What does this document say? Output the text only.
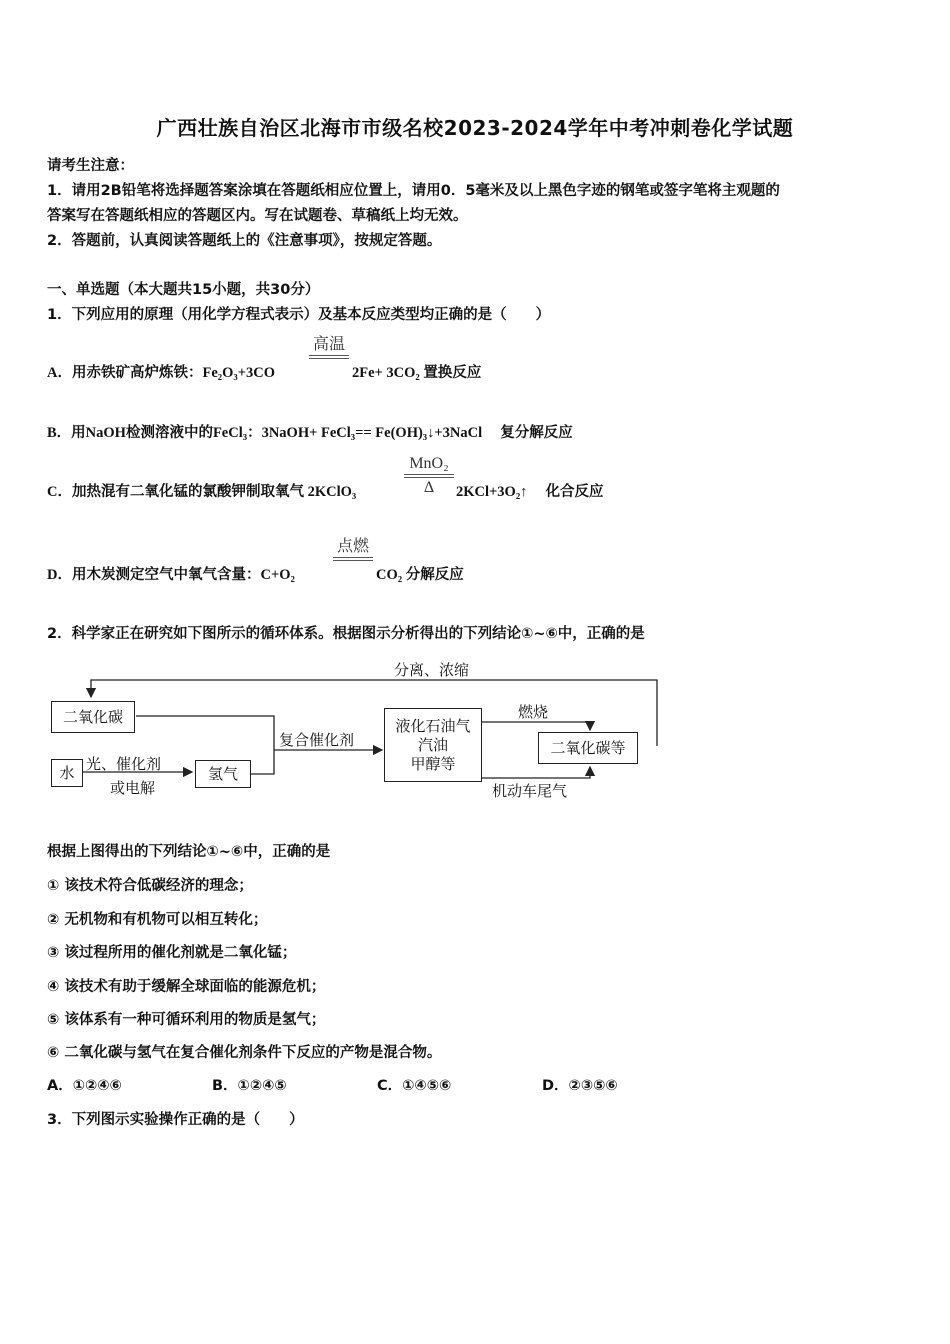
广西壮族自治区北海市市级名校2023-2024学年中考冲刺卷化学试题
请考生注意：
1．请用2B铅笔将选择题答案涂填在答题纸相应位置上，请用0．5毫米及以上黑色字迹的钢笔或签字笔将主观题的
答案写在答题纸相应的答题区内。写在试题卷、草稿纸上均无效。
2．答题前，认真阅读答题纸上的《注意事项》，按规定答题。
一、单选题（本大题共15小题，共30分）
1．下列应用的原理（用化学方程式表示）及基本反应类型均正确的是（　　）
A．用赤铁矿高炉炼铁：Fe₂O₃+3CO
高温
2Fe+ 3CO₂ 置换反应
B．用NaOH检测溶液中的FeCl₃：3NaOH+ FeCl₃== Fe(OH)₃↓+3NaCl　 复分解反应
C．加热混有二氧化锰的氯酸钾制取氧气 2KClO₃
MnO₂
Δ	2KCl+3O₂↑　 化合反应
D．用木炭测定空气中氧气含量：C+O₂
点燃
CO₂ 分解反应
2．科学家正在研究如下图所示的循环体系。根据图示分析得出的下列结论①~⑥中，正确的是
二氧化碳
水	氢气
液化石油气
汽油
甲醇等
二氧化碳等
分离、浓缩
光、催化剂
或电解
复合催化剂
燃烧
机动车尾气
根据上图得出的下列结论①~⑥中，正确的是
① 该技术符合低碳经济的理念；
② 无机物和有机物可以相互转化；
③ 该过程所用的催化剂就是二氧化锰；
④ 该技术有助于缓解全球面临的能源危机；
⑤ 该体系有一种可循环利用的物质是氢气；
⑥ 二氧化碳与氢气在复合催化剂条件下反应的产物是混合物。
A．①②④⑥	B．①②④⑤	C．①④⑤⑥	D．②③⑤⑥
3．下列图示实验操作正确的是（　　）
